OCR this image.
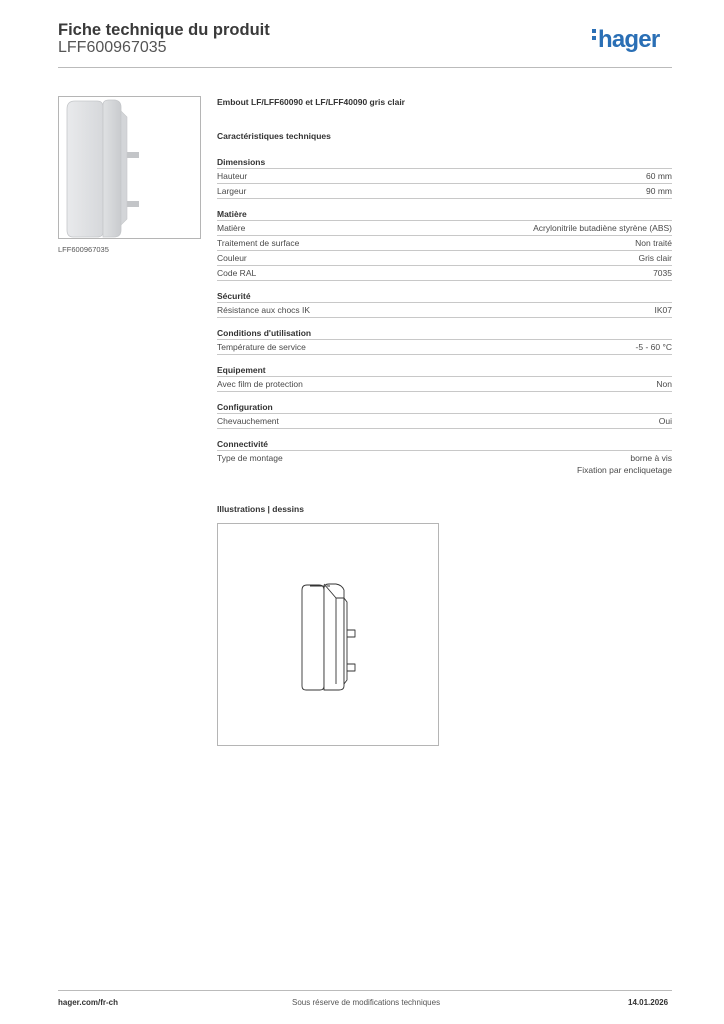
Fiche technique du produit
LFF600967035	hager
LFF600967035
Embout LF/LFF60090 et LF/LFF40090 gris clair
Caractéristiques techniques
Dimensions
Hauteur	60 mm
Largeur	90 mm
Matière
Matière	Acrylonitrile butadiène styrène (ABS)
Traitement de surface	Non traité
Couleur	Gris clair
Code RAL	7035
Sécurité
Résistance aux chocs IK	IK07
Conditions d'utilisation
Température de service	-5 - 60 °C
Equipement
Avec film de protection	Non
Configuration
Chevauchement	Oui
Connectivité
Type de montage	borne à vis
Fixation par encliquetage
Illustrations | dessins
hager.com/fr-ch	Sous réserve de modifications techniques	14.01.2026
